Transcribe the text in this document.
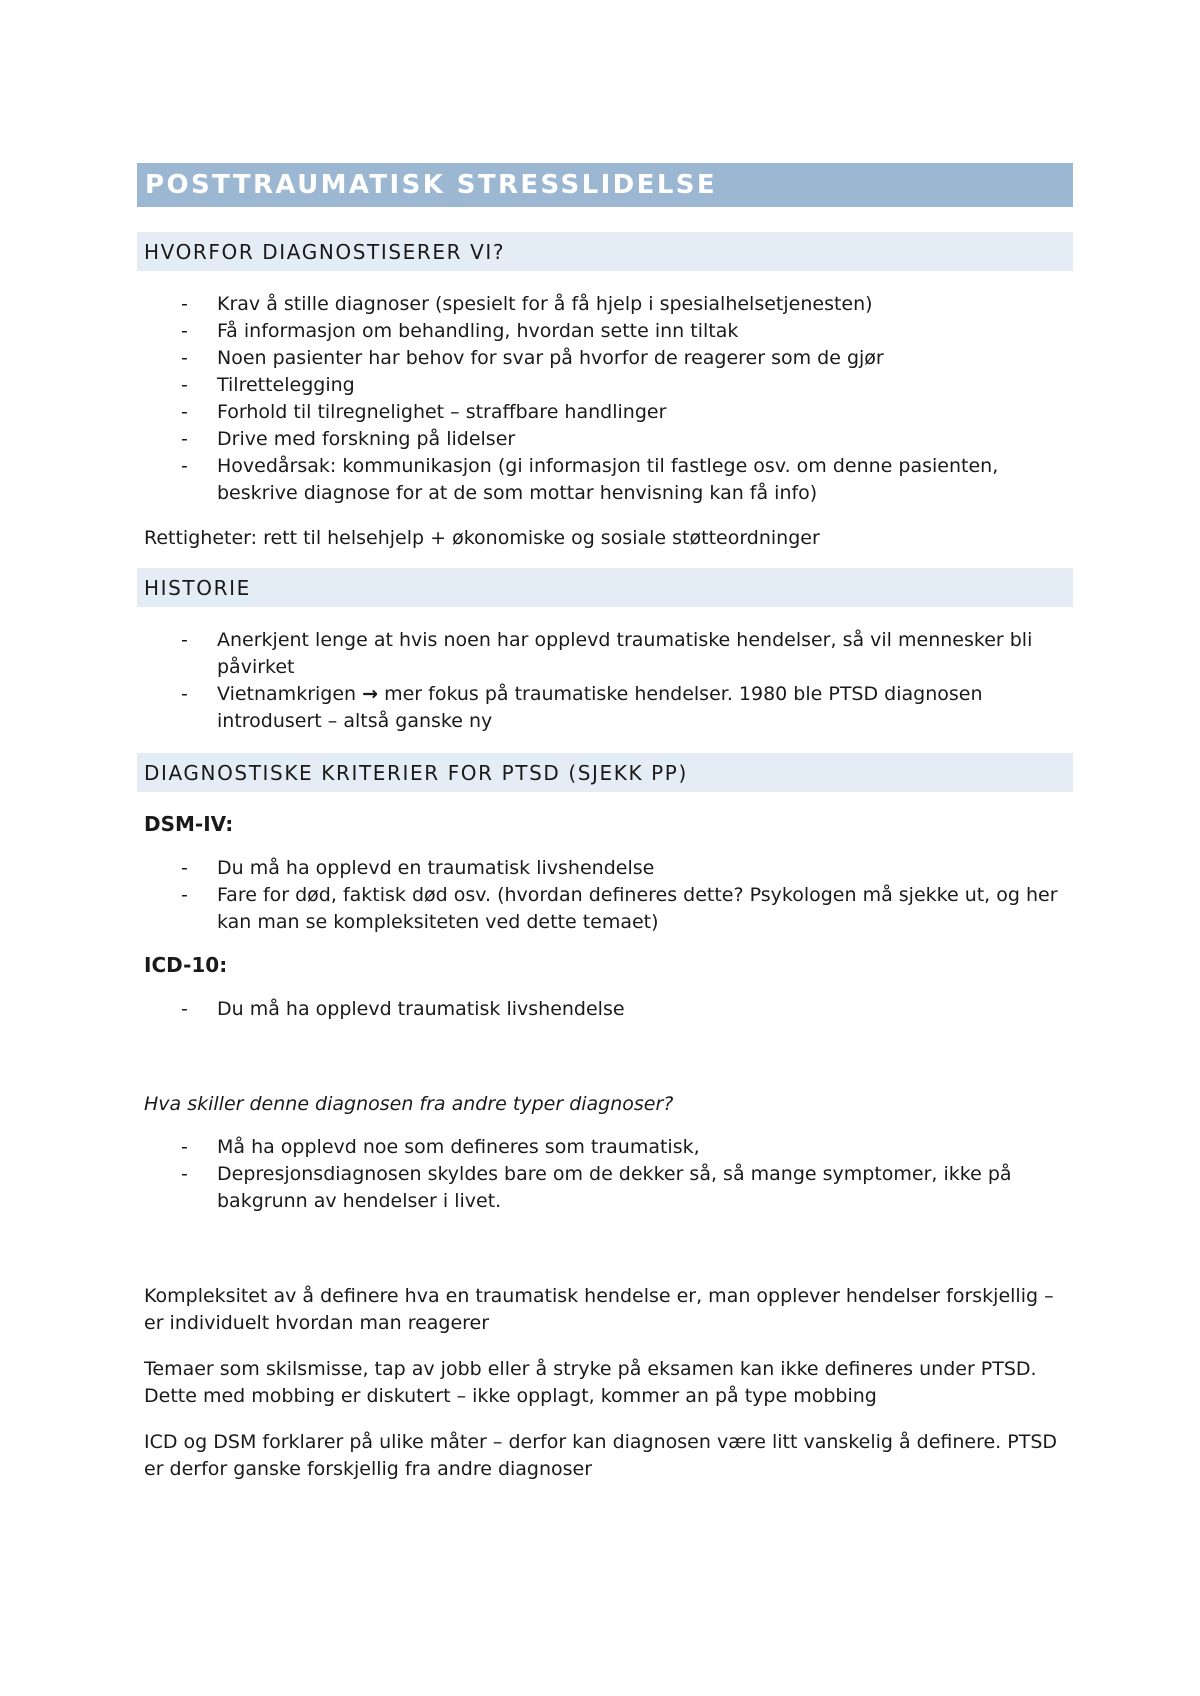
POSTTRAUMATISK STRESSLIDELSE
HVORFOR DIAGNOSTISERER VI?
- Krav å stille diagnoser (spesielt for å få hjelp i spesialhelsetjenesten)
- Få informasjon om behandling, hvordan sette inn tiltak
- Noen pasienter har behov for svar på hvorfor de reagerer som de gjør
- Tilrettelegging
- Forhold til tilregnelighet – straffbare handlinger
- Drive med forskning på lidelser
- Hovedårsak: kommunikasjon (gi informasjon til fastlege osv. om denne pasienten, beskrive diagnose for at de som mottar henvisning kan få info)

Rettigheter: rett til helsehjelp + økonomiske og sosiale støtteordninger

HISTORIE
- Anerkjent lenge at hvis noen har opplevd traumatiske hendelser, så vil mennesker bli påvirket
- Vietnamkrigen → mer fokus på traumatiske hendelser. 1980 ble PTSD diagnosen introdusert – altså ganske ny
DIAGNOSTISKE KRITERIER FOR PTSD (SJEKK PP)

DSM-IV:

- Du må ha opplevd en traumatisk livshendelse
- Fare for død, faktisk død osv. (hvordan defineres dette? Psykologen må sjekke ut, og her kan man se kompleksiteten ved dette temaet)

ICD-10:

- Du må ha opplevd traumatisk livshendelse

Hva skiller denne diagnosen fra andre typer diagnoser?

- Må ha opplevd noe som defineres som traumatisk,
- Depresjonsdiagnosen skyldes bare om de dekker så, så mange symptomer, ikke på bakgrunn av hendelser i livet.

Kompleksitet av å definere hva en traumatisk hendelse er, man opplever hendelser forskjellig – er individuelt hvordan man reagerer

Temaer som skilsmisse, tap av jobb eller å stryke på eksamen kan ikke defineres under PTSD. Dette med mobbing er diskutert – ikke opplagt, kommer an på type mobbing

ICD og DSM forklarer på ulike måter – derfor kan diagnosen være litt vanskelig å definere. PTSD er derfor ganske forskjellig fra andre diagnoser
